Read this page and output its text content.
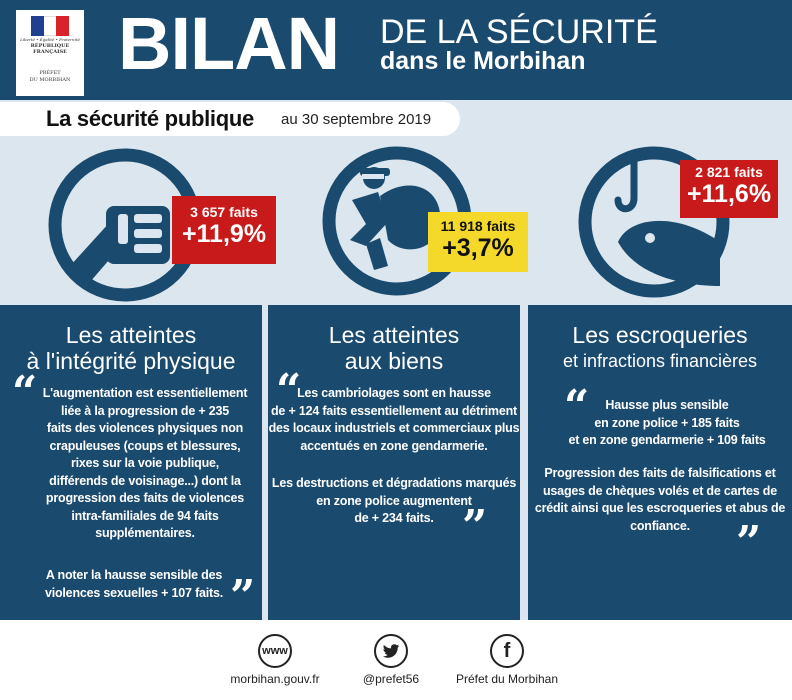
Liberté • Égalité • Fraternité
RÉPUBLIQUE FRANÇAISE
PRÉFET
DU MORBIHAN BILAN DE LA SÉCURITÉ
dans le Morbihan
La sécurité publique au 30 septembre 2019
3 657 faits
+11,9%	11 918 faits
+3,7%
2 821 faits
+11,6%
Les atteintes
à l'intégrité physique
“ L'augmentation est essentiellement
liée à la progression de + 235
faits des violences physiques non
crapuleuses (coups et blessures,
rixes sur la voie publique,
différends de voisinage...) dont la
progression des faits de violences
intra-familiales de 94 faits
supplémentaires.
A noter la hausse sensible des
violences sexuelles + 107 faits. ”
Les atteintes
aux biens
“
Les cambriolages sont en hausse
de + 124 faits essentiellement au détriment
des locaux industriels et commerciaux plus
accentués en zone gendarmerie.
Les destructions et dégradations marqués
en zone police augmentent
de + 234 faits. ”
Les escroqueries
et infractions financières
“	Hausse plus sensible
en zone police + 185 faits
et en zone gendarmerie + 109 faits
Progression des faits de falsifications et
usages de chèques volés et de cartes de
crédit ainsi que les escroqueries et abus de
confiance.	”
www
morbihan.gouv.fr	@prefet56
f
Préfet du Morbihan
